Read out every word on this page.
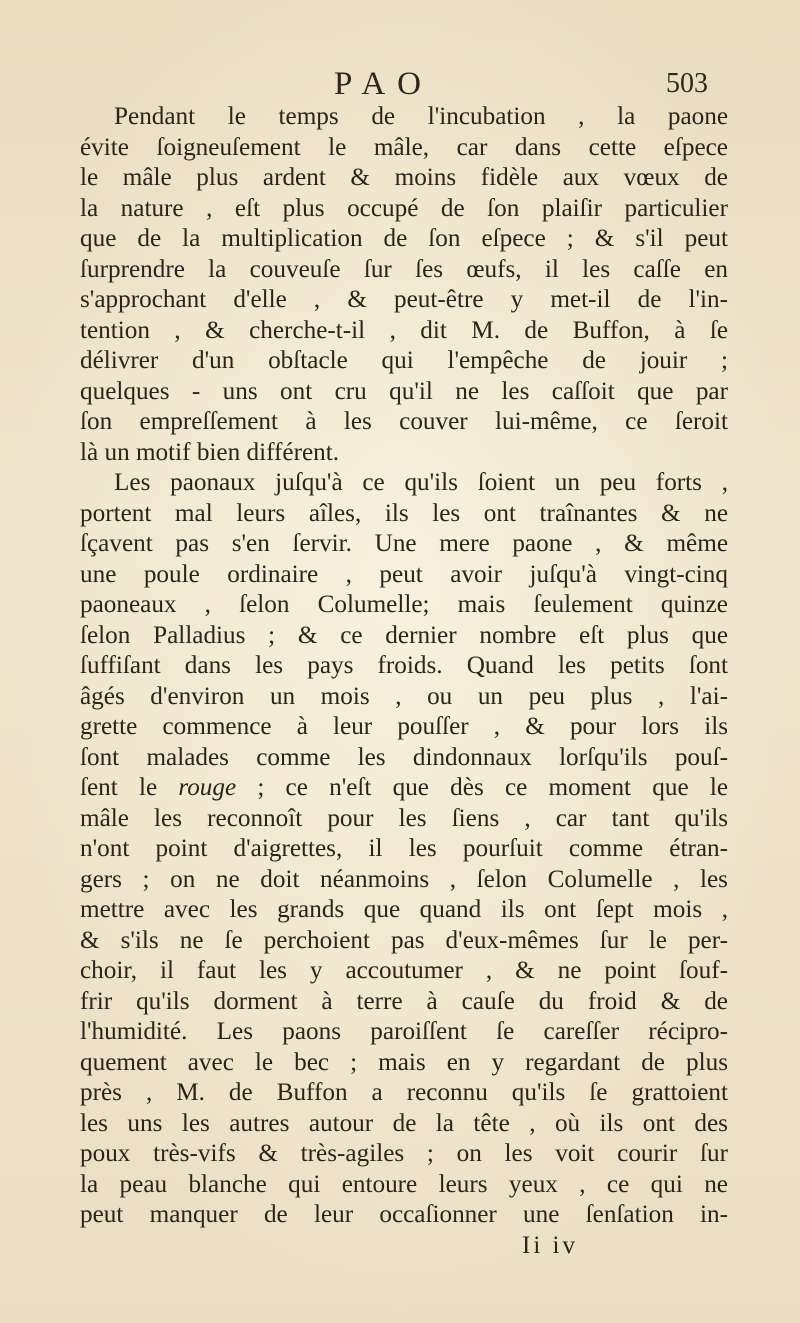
PAO	503
Pendant le temps de l'incubation , la paone
évite ſoigneuſement le mâle, car dans cette eſpece
le mâle plus ardent & moins fidèle aux vœux de
la nature , eſt plus occupé de ſon plaiſir particulier
que de la multiplication de ſon eſpece ; & s'il peut
ſurprendre la couveuſe ſur ſes œufs, il les caſſe en
s'approchant d'elle , & peut-être y met-il de l'in-
tention , & cherche-t-il , dit M. de Buffon, à ſe
délivrer d'un obſtacle qui l'empêche de jouir ;
quelques - uns ont cru qu'il ne les caſſoit que par
ſon empreſſement à les couver lui-même, ce ſeroit
là un motif bien différent.
Les paonaux juſqu'à ce qu'ils ſoient un peu forts ,
portent mal leurs aîles, ils les ont traînantes & ne
ſçavent pas s'en ſervir. Une mere paone , & même
une poule ordinaire , peut avoir juſqu'à vingt-cinq
paoneaux , ſelon Columelle; mais ſeulement quinze
ſelon Palladius ; & ce dernier nombre eſt plus que
ſuffiſant dans les pays froids. Quand les petits ſont
âgés d'environ un mois , ou un peu plus , l'ai-
grette commence à leur pouſſer , & pour lors ils
ſont malades comme les dindonnaux lorſqu'ils pouſ-
ſent le rouge ; ce n'eſt que dès ce moment que le
mâle les reconnoît pour les ſiens , car tant qu'ils
n'ont point d'aigrettes, il les pourſuit comme étran-
gers ; on ne doit néanmoins , ſelon Columelle , les
mettre avec les grands que quand ils ont ſept mois ,
& s'ils ne ſe perchoient pas d'eux-mêmes ſur le per-
choir, il faut les y accoutumer , & ne point ſouf-
frir qu'ils dorment à terre à cauſe du froid & de
l'humidité. Les paons paroiſſent ſe careſſer récipro-
quement avec le bec ; mais en y regardant de plus
près , M. de Buffon a reconnu qu'ils ſe grattoient
les uns les autres autour de la tête , où ils ont des
poux très-vifs & très-agiles ; on les voit courir ſur
la peau blanche qui entoure leurs yeux , ce qui ne
peut manquer de leur occaſionner une ſenſation in-
Ii iv
